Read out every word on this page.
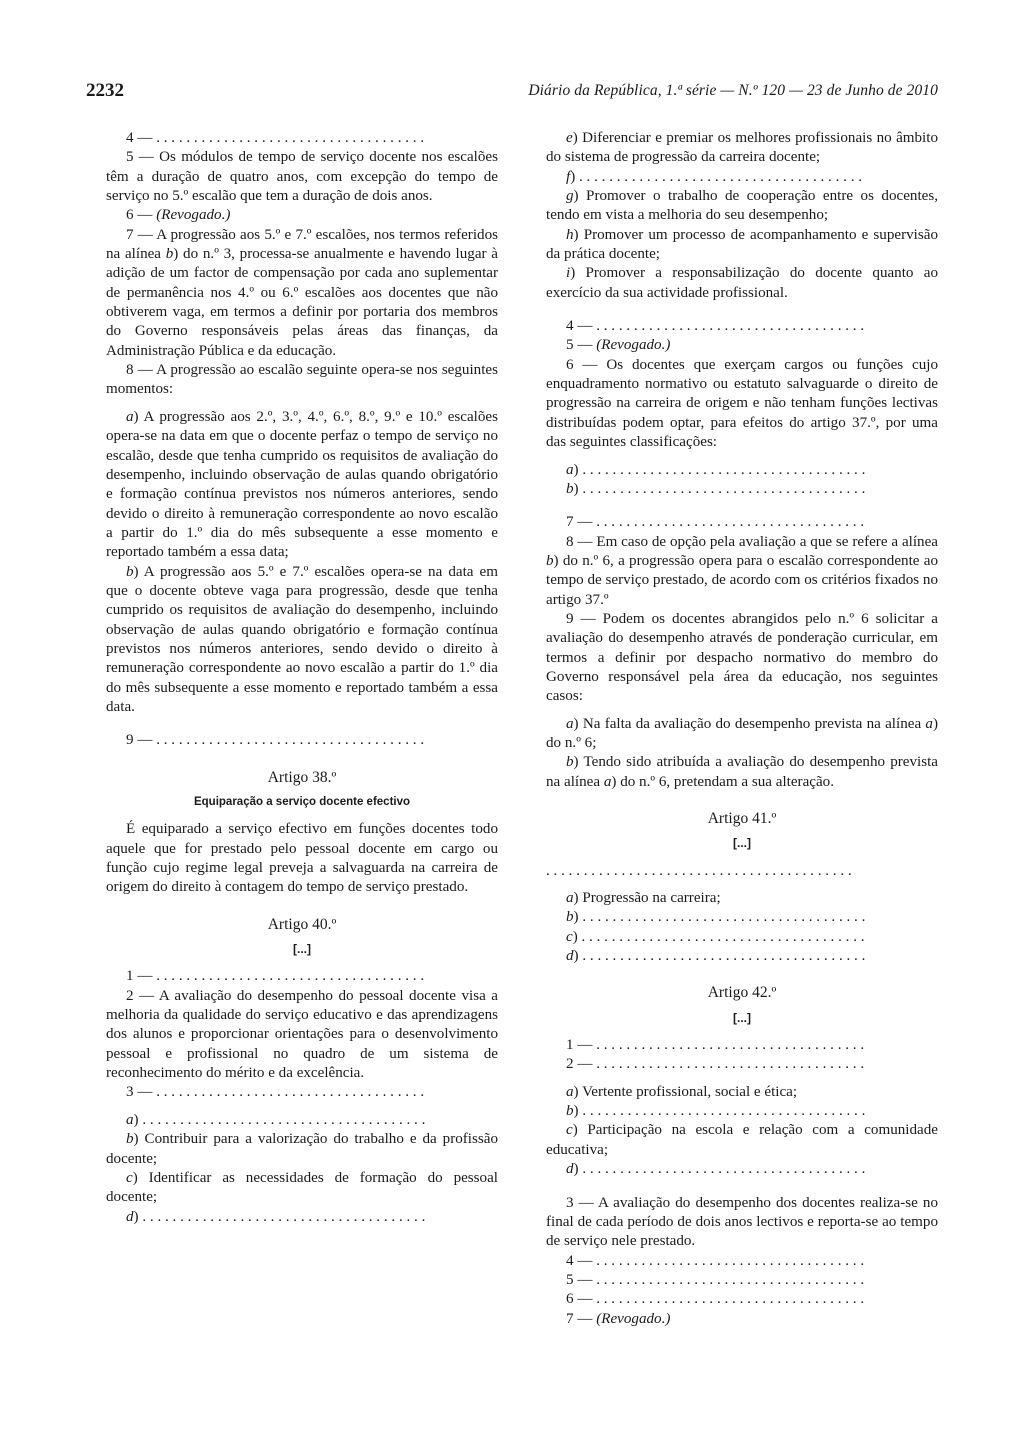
2232	Diário da República, 1.ª série — N.º 120 — 23 de Junho de 2010

4 — . . . . . . . . . . . . . . . . . . . . . . . . . . . . . . . . . . . .

5 — Os módulos de tempo de serviço docente nos escalões têm a duração de quatro anos, com excepção do tempo de serviço no 5.º escalão que tem a duração de dois anos.

6 — (Revogado.)

7 — A progressão aos 5.º e 7.º escalões, nos termos referidos na alínea b) do n.º 3, processa-se anualmente e havendo lugar à adição de um factor de compensação por cada ano suplementar de permanência nos 4.º ou 6.º escalões aos docentes que não obtiverem vaga, em termos a definir por portaria dos membros do Governo responsáveis pelas áreas das finanças, da Administração Pública e da educação.

8 — A progressão ao escalão seguinte opera-se nos seguintes momentos:

a) A progressão aos 2.º, 3.º, 4.º, 6.º, 8.º, 9.º e 10.º escalões opera-se na data em que o docente perfaz o tempo de serviço no escalão, desde que tenha cumprido os requisitos de avaliação do desempenho, incluindo observação de aulas quando obrigatório e formação contínua previstos nos números anteriores, sendo devido o direito à remuneração correspondente ao novo escalão a partir do 1.º dia do mês subsequente a esse momento e reportado também a essa data;

b) A progressão aos 5.º e 7.º escalões opera-se na data em que o docente obteve vaga para progressão, desde que tenha cumprido os requisitos de avaliação do desempenho, incluindo observação de aulas quando obrigatório e formação contínua previstos nos números anteriores, sendo devido o direito à remuneração correspondente ao novo escalão a partir do 1.º dia do mês subsequente a esse momento e reportado também a essa data.

9 — . . . . . . . . . . . . . . . . . . . . . . . . . . . . . . . . . . . .

Artigo 38.º

Equiparação a serviço docente efectivo

É equiparado a serviço efectivo em funções docentes todo aquele que for prestado pelo pessoal docente em cargo ou função cujo regime legal preveja a salvaguarda na carreira de origem do direito à contagem do tempo de serviço prestado.

Artigo 40.º

[...]

1 — . . . . . . . . . . . . . . . . . . . . . . . . . . . . . . . . . . . .

2 — A avaliação do desempenho do pessoal docente visa a melhoria da qualidade do serviço educativo e das aprendizagens dos alunos e proporcionar orientações para o desenvolvimento pessoal e profissional no quadro de um sistema de reconhecimento do mérito e da excelência.

3 — . . . . . . . . . . . . . . . . . . . . . . . . . . . . . . . . . . . .

a) . . . . . . . . . . . . . . . . . . . . . . . . . . . . . . . . . . . . . .

b) Contribuir para a valorização do trabalho e da profissão docente;

c) Identificar as necessidades de formação do pessoal docente;

d) . . . . . . . . . . . . . . . . . . . . . . . . . . . . . . . . . . . . . .

e) Diferenciar e premiar os melhores profissionais no âmbito do sistema de progressão da carreira docente;

f) . . . . . . . . . . . . . . . . . . . . . . . . . . . . . . . . . . . . . .

g) Promover o trabalho de cooperação entre os docentes, tendo em vista a melhoria do seu desempenho;

h) Promover um processo de acompanhamento e supervisão da prática docente;

i) Promover a responsabilização do docente quanto ao exercício da sua actividade profissional.

4 — . . . . . . . . . . . . . . . . . . . . . . . . . . . . . . . . . . . .

5 — (Revogado.)

6 — Os docentes que exerçam cargos ou funções cujo enquadramento normativo ou estatuto salvaguarde o direito de progressão na carreira de origem e não tenham funções lectivas distribuídas podem optar, para efeitos do artigo 37.º, por uma das seguintes classificações:

a) . . . . . . . . . . . . . . . . . . . . . . . . . . . . . . . . . . . . . .

b) . . . . . . . . . . . . . . . . . . . . . . . . . . . . . . . . . . . . . .

7 — . . . . . . . . . . . . . . . . . . . . . . . . . . . . . . . . . . . .

8 — Em caso de opção pela avaliação a que se refere a alínea b) do n.º 6, a progressão opera para o escalão correspondente ao tempo de serviço prestado, de acordo com os critérios fixados no artigo 37.º

9 — Podem os docentes abrangidos pelo n.º 6 solicitar a avaliação do desempenho através de ponderação curricular, em termos a definir por despacho normativo do membro do Governo responsável pela área da educação, nos seguintes casos:

a) Na falta da avaliação do desempenho prevista na alínea a) do n.º 6;

b) Tendo sido atribuída a avaliação do desempenho prevista na alínea a) do n.º 6, pretendam a sua alteração.

Artigo 41.º

[...]

. . . . . . . . . . . . . . . . . . . . . . . . . . . . . . . . . . . . . . . . .

a) Progressão na carreira;

b) . . . . . . . . . . . . . . . . . . . . . . . . . . . . . . . . . . . . . .

c) . . . . . . . . . . . . . . . . . . . . . . . . . . . . . . . . . . . . . .

d) . . . . . . . . . . . . . . . . . . . . . . . . . . . . . . . . . . . . . .

Artigo 42.º

[...]

1 — . . . . . . . . . . . . . . . . . . . . . . . . . . . . . . . . . . . .

2 — . . . . . . . . . . . . . . . . . . . . . . . . . . . . . . . . . . . .

a) Vertente profissional, social e ética;

b) . . . . . . . . . . . . . . . . . . . . . . . . . . . . . . . . . . . . . .

c) Participação na escola e relação com a comunidade educativa;

d) . . . . . . . . . . . . . . . . . . . . . . . . . . . . . . . . . . . . . .

3 — A avaliação do desempenho dos docentes realiza-se no final de cada período de dois anos lectivos e reporta-se ao tempo de serviço nele prestado.

4 — . . . . . . . . . . . . . . . . . . . . . . . . . . . . . . . . . . . .

5 — . . . . . . . . . . . . . . . . . . . . . . . . . . . . . . . . . . . .

6 — . . . . . . . . . . . . . . . . . . . . . . . . . . . . . . . . . . . .

7 — (Revogado.)
